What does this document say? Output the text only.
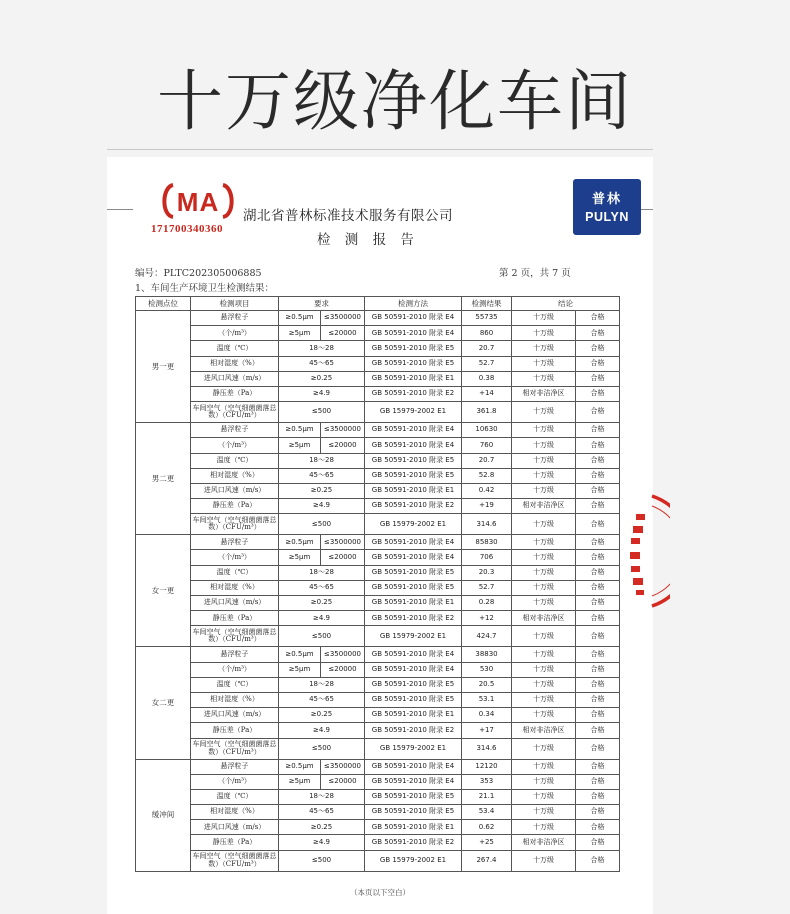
十万级净化车间
MA
171700340360
湖北省普林标准技术服务有限公司
检 测 报 告
普林
PULYN
编号：PLTC202305006885	第 2 页，共 7 页
1、车间生产环境卫生检测结果：
检测点位	检测项目	要求		检测方法	检测结果	结论	
男一更	悬浮粒子	≥0.5μm	≤3500000	GB 50591-2010 附录 E4	55735	十万级	合格
	（个/m³）	≥5μm	≤20000	GB 50591-2010 附录 E4	860	十万级	合格
	温度（℃）	18～28		GB 50591-2010 附录 E5	20.7	十万级	合格
	相对湿度（%）	45～65		GB 50591-2010 附录 E5	52.7	十万级	合格
	进风口风速（m/s）	≥0.25		GB 50591-2010 附录 E1	0.38	十万级	合格
	静压差（Pa）	≥4.9		GB 50591-2010 附录 E2	+14	相对非洁净区	合格
	车间空气（空气细菌菌落总数）（CFU/m³）	≤500		GB 15979-2002 E1	361.8	十万级	合格
男二更	悬浮粒子	≥0.5μm	≤3500000	GB 50591-2010 附录 E4	10630	十万级	合格
	（个/m³）	≥5μm	≤20000	GB 50591-2010 附录 E4	760	十万级	合格
	温度（℃）	18～28		GB 50591-2010 附录 E5	20.7	十万级	合格
	相对湿度（%）	45～65		GB 50591-2010 附录 E5	52.8	十万级	合格
	进风口风速（m/s）	≥0.25		GB 50591-2010 附录 E1	0.42	十万级	合格
	静压差（Pa）	≥4.9		GB 50591-2010 附录 E2	+19	相对非洁净区	合格
	车间空气（空气细菌菌落总数）（CFU/m³）	≤500		GB 15979-2002 E1	314.6	十万级	合格
女一更	悬浮粒子	≥0.5μm	≤3500000	GB 50591-2010 附录 E4	85830	十万级	合格
	（个/m³）	≥5μm	≤20000	GB 50591-2010 附录 E4	706	十万级	合格
	温度（℃）	18～28		GB 50591-2010 附录 E5	20.3	十万级	合格
	相对湿度（%）	45～65		GB 50591-2010 附录 E5	52.7	十万级	合格
	进风口风速（m/s）	≥0.25		GB 50591-2010 附录 E1	0.28	十万级	合格
	静压差（Pa）	≥4.9		GB 50591-2010 附录 E2	+12	相对非洁净区	合格
	车间空气（空气细菌菌落总数）（CFU/m³）	≤500		GB 15979-2002 E1	424.7	十万级	合格
女二更	悬浮粒子	≥0.5μm	≤3500000	GB 50591-2010 附录 E4	38830	十万级	合格
	（个/m³）	≥5μm	≤20000	GB 50591-2010 附录 E4	530	十万级	合格
	温度（℃）	18～28		GB 50591-2010 附录 E5	20.5	十万级	合格
	相对湿度（%）	45～65		GB 50591-2010 附录 E5	53.1	十万级	合格
	进风口风速（m/s）	≥0.25		GB 50591-2010 附录 E1	0.34	十万级	合格
	静压差（Pa）	≥4.9		GB 50591-2010 附录 E2	+17	相对非洁净区	合格
	车间空气（空气细菌菌落总数）（CFU/m³）	≤500		GB 15979-2002 E1	314.6	十万级	合格
缓冲间	悬浮粒子	≥0.5μm	≤3500000	GB 50591-2010 附录 E4	12120	十万级	合格
	（个/m³）	≥5μm	≤20000	GB 50591-2010 附录 E4	353	十万级	合格
	温度（℃）	18～28		GB 50591-2010 附录 E5	21.1	十万级	合格
	相对湿度（%）	45～65		GB 50591-2010 附录 E5	53.4	十万级	合格
	进风口风速（m/s）	≥0.25		GB 50591-2010 附录 E1	0.62	十万级	合格
	静压差（Pa）	≥4.9		GB 50591-2010 附录 E2	+25	相对非洁净区	合格
	车间空气（空气细菌菌落总数）（CFU/m³）	≤500		GB 15979-2002 E1	267.4	十万级	合格
（本页以下空白）
